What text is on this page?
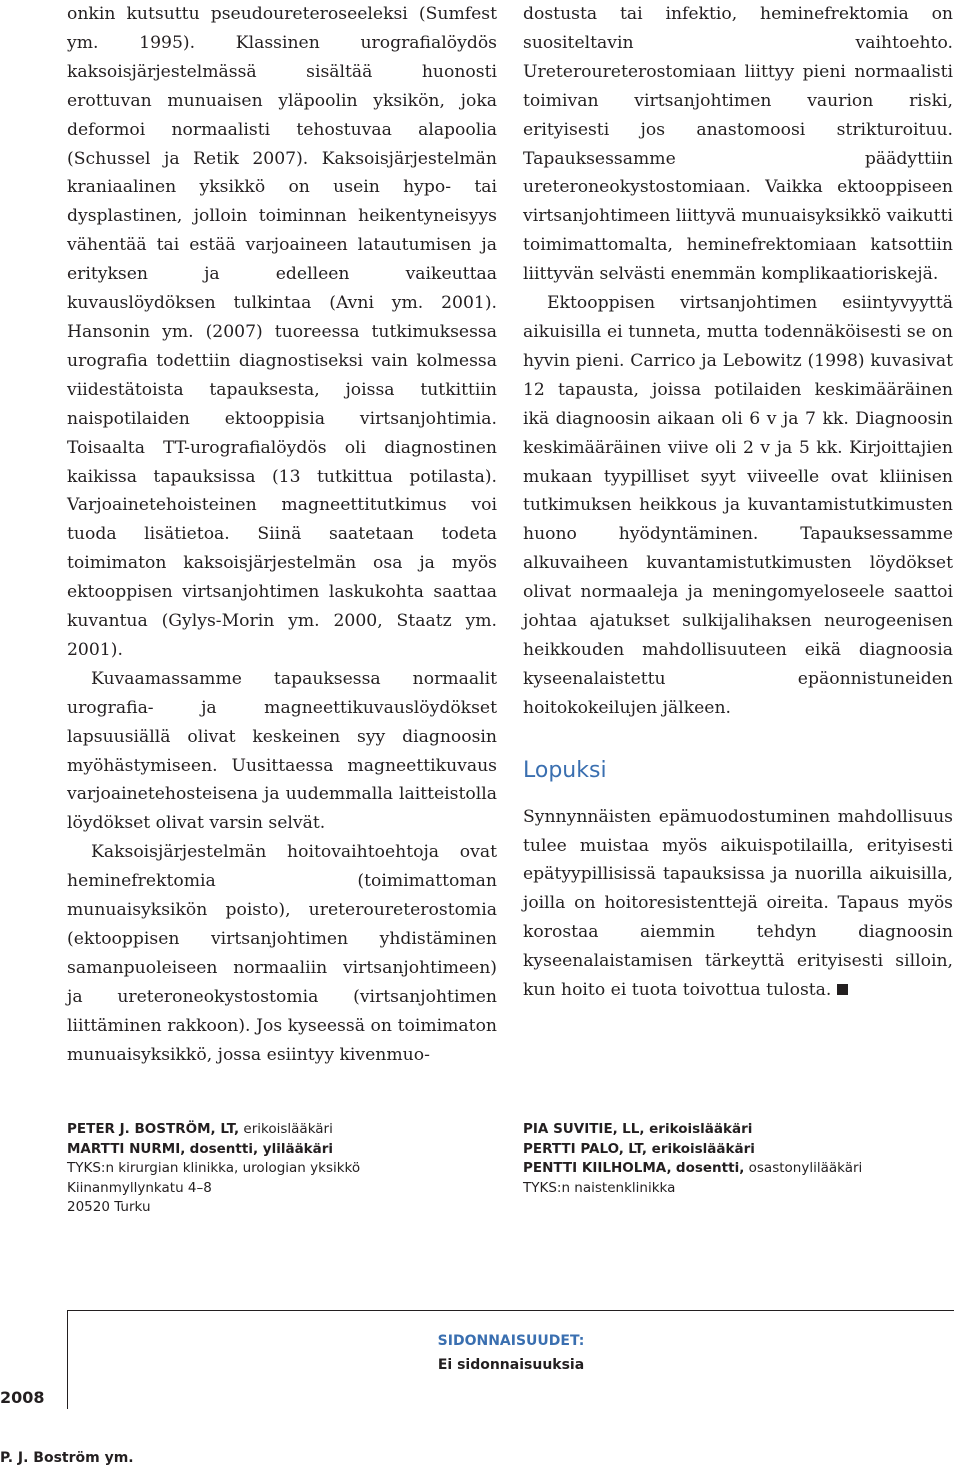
onkin kutsuttu pseudoureteroseeleksi (Sumfest ym. 1995). Klassinen urografialöydös kaksoisjärjestelmässä sisältää huonosti erottuvan munuaisen yläpoolin yksikön, joka deformoi normaalisti tehostuvaa alapoolia (Schussel ja Retik 2007). Kaksoisjärjestelmän kraniaalinen yksikkö on usein hypo- tai dysplastinen, jolloin toiminnan heikentyneisyys vähentää tai estää varjoaineen latautumisen ja erityksen ja edelleen vaikeuttaa kuvauslöydöksen tulkintaa (Avni ym. 2001). Hansonin ym. (2007) tuoreessa tutkimuksessa urografia todettiin diagnostiseksi vain kolmessa viidestätoista tapauksesta, joissa tutkittiin naispotilaiden ektooppisia virtsanjohtimia. Toisaalta TT-urografialöydös oli diagnostinen kaikissa tapauksissa (13 tutkittua potilasta). Varjoainetehoisteinen magneettitutkimus voi tuoda lisätietoa. Siinä saatetaan todeta toimimaton kaksoisjärjestelmän osa ja myös ektooppisen virtsanjohtimen laskukohta saattaa kuvantua (Gylys-Morin ym. 2000, Staatz ym. 2001).

Kuvaamassamme tapauksessa normaalit urografia- ja magneettikuvauslöydökset lapsuusiällä olivat keskeinen syy diagnoosin myöhästymiseen. Uusittaessa magneettikuvaus varjoainetehosteisena ja uudemmalla laitteistolla löydökset olivat varsin selvät.

Kaksoisjärjestelmän hoitovaihtoehtoja ovat heminefrektomia (toimimattoman munuaisyksikön poisto), ureteroureterostomia (ektooppisen virtsanjohtimen yhdistäminen samanpuoleiseen normaaliin virtsanjohtimeen) ja ureteroneokystostomia (virtsanjohtimen liittäminen rakkoon). Jos kyseessä on toimimaton munuaisyksikkö, jossa esiintyy kivenmuo-

dostusta tai infektio, heminefrektomia on suositeltavin vaihtoehto. Ureteroureterostomiaan liittyy pieni normaalisti toimivan virtsanjohtimen vaurion riski, erityisesti jos anastomoosi strikturoituu. Tapauksessamme päädyttiin ureteroneokystostomiaan. Vaikka ektooppiseen virtsanjohtimeen liittyvä munuaisyksikkö vaikutti toimimattomalta, heminefrektomiaan katsottiin liittyvän selvästi enemmän komplikaatioriskejä.

Ektooppisen virtsanjohtimen esiintyvyyttä aikuisilla ei tunneta, mutta todennäköisesti se on hyvin pieni. Carrico ja Lebowitz (1998) kuvasivat 12 tapausta, joissa potilaiden keskimääräinen ikä diagnoosin aikaan oli 6 v ja 7 kk. Diagnoosin keskimääräinen viive oli 2 v ja 5 kk. Kirjoittajien mukaan tyypilliset syyt viiveelle ovat kliinisen tutkimuksen heikkous ja kuvantamistutkimusten huono hyödyntäminen. Tapauksessamme alkuvaiheen kuvantamistutkimusten löydökset olivat normaaleja ja meningomyeloseele saattoi johtaa ajatukset sulkijalihaksen neurogeenisen heikkouden mahdollisuuteen eikä diagnoosia kyseenalaistettu epäonnistuneiden hoitokokeilujen jälkeen.

Lopuksi

Synnynnäisten epämuodostuminen mahdollisuus tulee muistaa myös aikuispotilailla, erityisesti epätyypillisissä tapauksissa ja nuorilla aikuisilla, joilla on hoitoresistenttejä oireita. Tapaus myös korostaa aiemmin tehdyn diagnoosin kyseenalaistamisen tärkeyttä erityisesti silloin, kun hoito ei tuota toivottua tulosta.

PETER J. BOSTRÖM, LT, erikoislääkäri
MARTTI NURMI, dosentti, ylilääkäri
TYKS:n kirurgian klinikka, urologian yksikkö
Kiinanmyllynkatu 4–8
20520 Turku
PIA SUVITIE, LL, erikoislääkäri
PERTTI PALO, LT, erikoislääkäri
PENTTI KIILHOLMA, dosentti, osastonylilääkäri
TYKS:n naistenklinikka
SIDONNAISUUDET:
Ei sidonnaisuuksia
2008
P. J. Boström ym.
